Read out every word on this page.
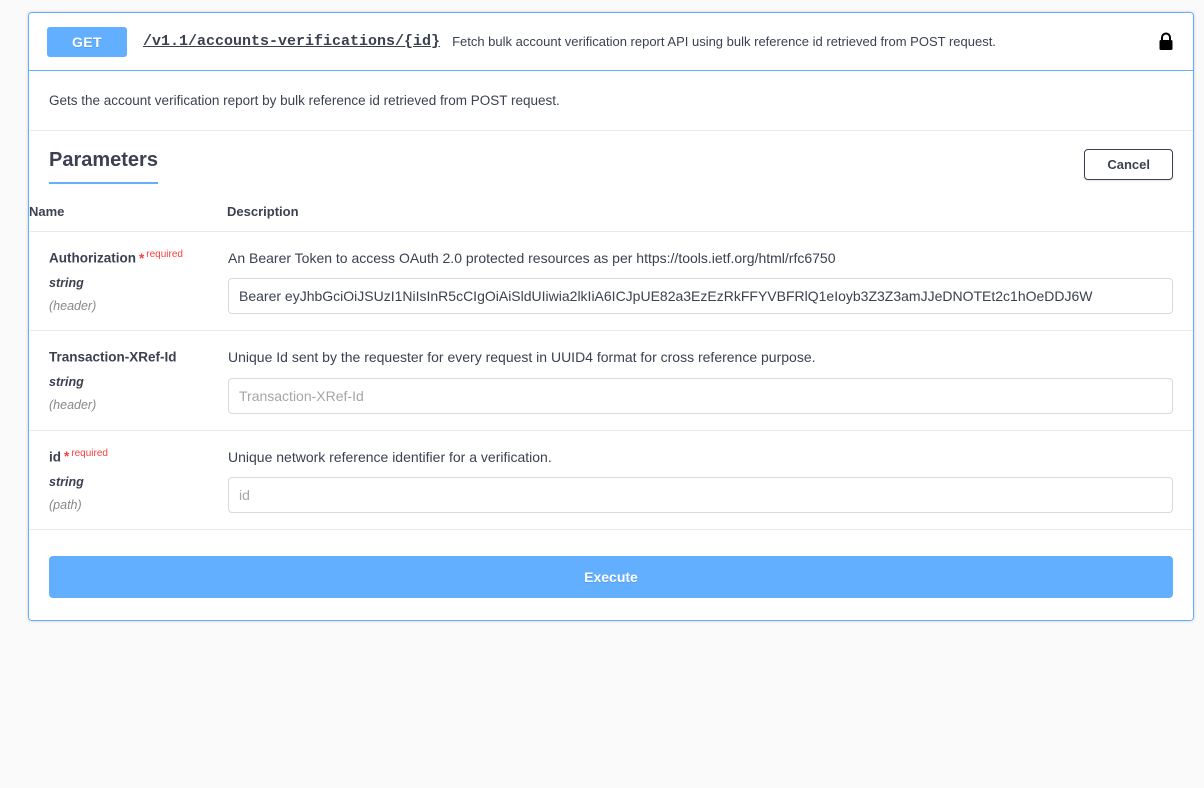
GET	/v1.1/accounts-verifications/{id} Fetch bulk account verification report API using bulk reference id retrieved from POST request.
Gets the account verification report by bulk reference id retrieved from POST request.
Parameters	Cancel
Name	Description

Authorization * $^{required}$
string
(header)	An Bearer Token to access OAuth 2.0 protected resources as per https://tools.ietf.org/html/rfc6750
Bearer eyJhbGciOiJSUzI1NiIsInR5cCIgOiAiSldUIiwia2lkIiA6ICJpUE82a3EzEzRkFFYVBFRlQ1eIoyb3Z3Z3amJJeDNOTEt2c1hOeDDJ6W

Transaction-XRef-Id
string
(header)	Unique Id sent by the requester for every request in UUID4 format for cross reference purpose.
Transaction-XRef-Id

id * $^{required}$
string
(path)	Unique network reference identifier for a verification.
id
Execute
